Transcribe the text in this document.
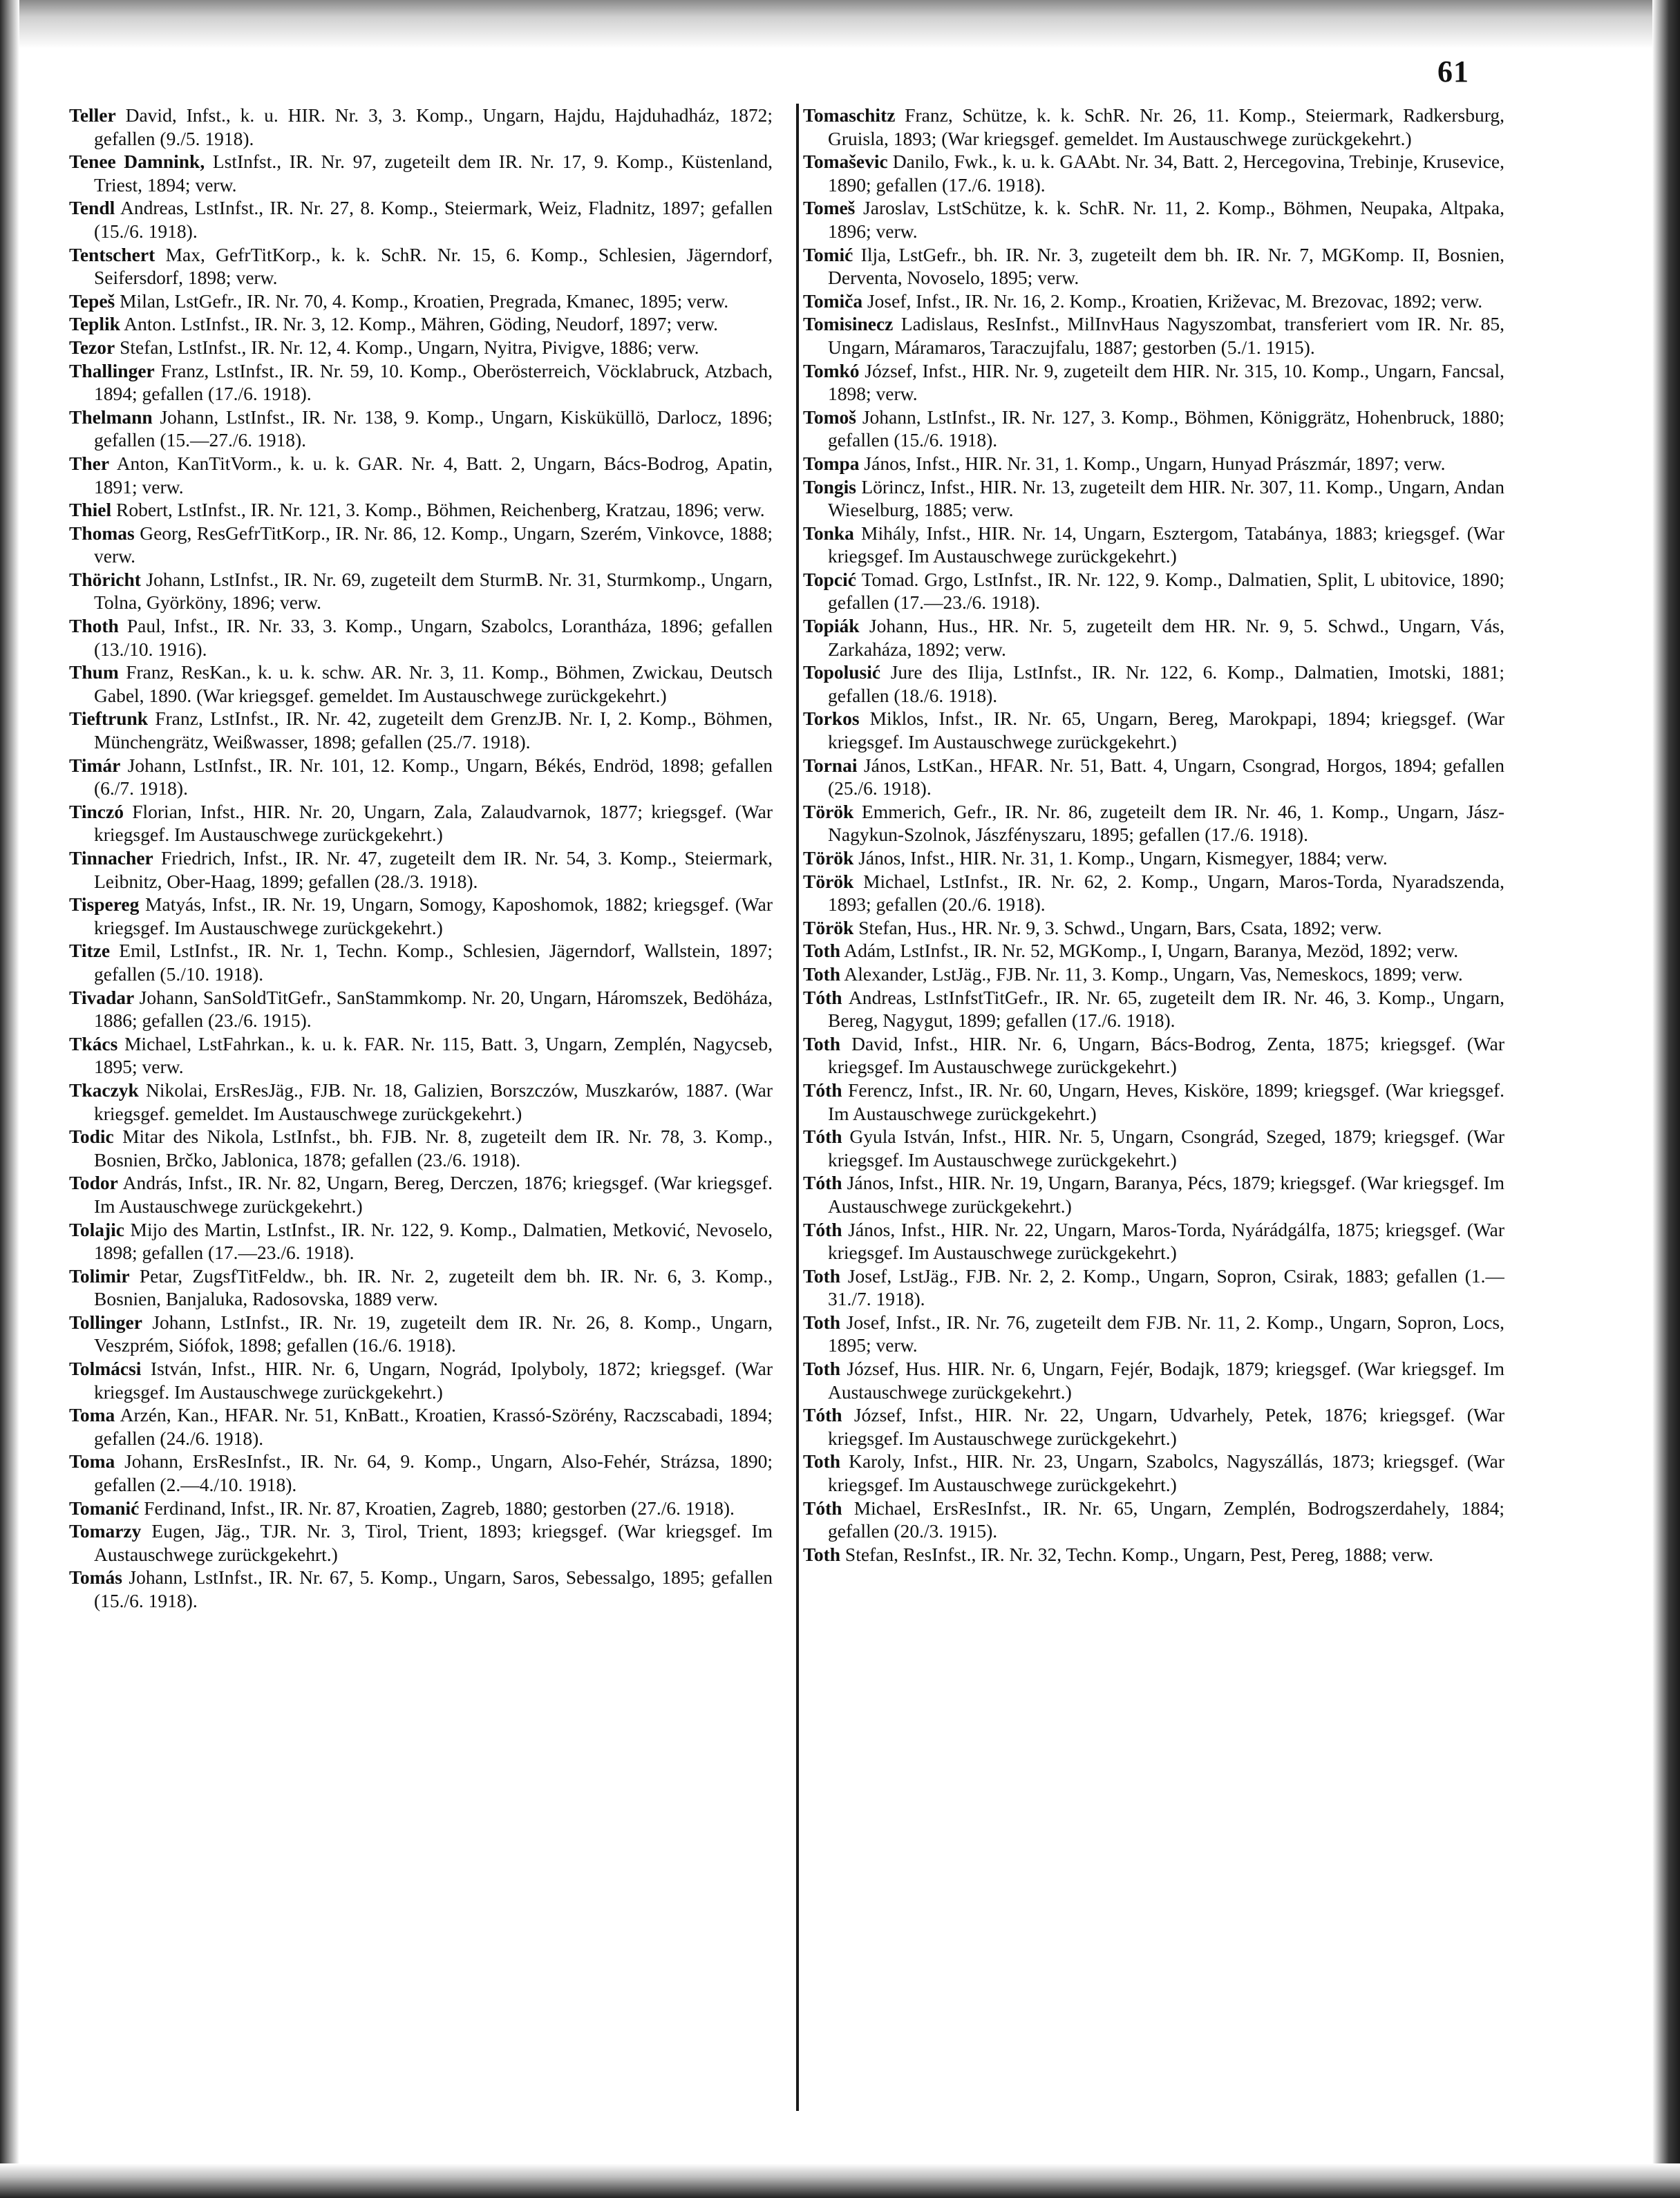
61

Teller David, Infst., k. u. HIR. Nr. 3, 3. Komp., Ungarn, Hajdu, Hajduhadház, 1872; gefallen (9./5. 1918).

Tenee Damnink, LstInfst., IR. Nr. 97, zugeteilt dem IR. Nr. 17, 9. Komp., Küstenland, Triest, 1894; verw.

Tendl Andreas, LstInfst., IR. Nr. 27, 8. Komp., Steiermark, Weiz, Fladnitz, 1897; gefallen (15./6. 1918).

Tentschert Max, GefrTitKorp., k. k. SchR. Nr. 15, 6. Komp., Schlesien, Jägerndorf, Seifersdorf, 1898; verw.

Tepeš Milan, LstGefr., IR. Nr. 70, 4. Komp., Kroatien, Pregrada, Kmanec, 1895; verw.

Teplik Anton. LstInfst., IR. Nr. 3, 12. Komp., Mähren, Göding, Neudorf, 1897; verw.

Tezor Stefan, LstInfst., IR. Nr. 12, 4. Komp., Ungarn, Nyitra, Pivigve, 1886; verw.

Thallinger Franz, LstInfst., IR. Nr. 59, 10. Komp., Oberösterreich, Vöcklabruck, Atzbach, 1894; gefallen (17./6. 1918).

Thelmann Johann, LstInfst., IR. Nr. 138, 9. Komp., Ungarn, Kisküküllö, Darlocz, 1896; gefallen (15.—27./6. 1918).

Ther Anton, KanTitVorm., k. u. k. GAR. Nr. 4, Batt. 2, Ungarn, Bács-Bodrog, Apatin, 1891; verw.

Thiel Robert, LstInfst., IR. Nr. 121, 3. Komp., Böhmen, Reichenberg, Kratzau, 1896; verw.

Thomas Georg, ResGefrTitKorp., IR. Nr. 86, 12. Komp., Ungarn, Szerém, Vinkovce, 1888; verw.

Thöricht Johann, LstInfst., IR. Nr. 69, zugeteilt dem SturmB. Nr. 31, Sturmkomp., Ungarn, Tolna, Györköny, 1896; verw.

Thoth Paul, Infst., IR. Nr. 33, 3. Komp., Ungarn, Szabolcs, Lorantháza, 1896; gefallen (13./10. 1916).

Thum Franz, ResKan., k. u. k. schw. AR. Nr. 3, 11. Komp., Böhmen, Zwickau, Deutsch Gabel, 1890. (War kriegsgef. gemeldet. Im Austauschwege zurückgekehrt.)

Tieftrunk Franz, LstInfst., IR. Nr. 42, zugeteilt dem GrenzJB. Nr. I, 2. Komp., Böhmen, Münchengrätz, Weißwasser, 1898; gefallen (25./7. 1918).

Timár Johann, LstInfst., IR. Nr. 101, 12. Komp., Ungarn, Békés, Endröd, 1898; gefallen (6./7. 1918).

Tinczó Florian, Infst., HIR. Nr. 20, Ungarn, Zala, Zalaudvarnok, 1877; kriegsgef. (War kriegsgef. Im Austauschwege zurückgekehrt.)

Tinnacher Friedrich, Infst., IR. Nr. 47, zugeteilt dem IR. Nr. 54, 3. Komp., Steiermark, Leibnitz, Ober-Haag, 1899; gefallen (28./3. 1918).

Tispereg Matyás, Infst., IR. Nr. 19, Ungarn, Somogy, Kaposhomok, 1882; kriegsgef. (War kriegsgef. Im Austauschwege zurückgekehrt.)

Titze Emil, LstInfst., IR. Nr. 1, Techn. Komp., Schlesien, Jägerndorf, Wallstein, 1897; gefallen (5./10. 1918).

Tivadar Johann, SanSoldTitGefr., SanStammkomp. Nr. 20, Ungarn, Háromszek, Bedöháza, 1886; gefallen (23./6. 1915).

Tkács Michael, LstFahrkan., k. u. k. FAR. Nr. 115, Batt. 3, Ungarn, Zemplén, Nagycseb, 1895; verw.

Tkaczyk Nikolai, ErsResJäg., FJB. Nr. 18, Galizien, Borszczów, Muszkarów, 1887. (War kriegsgef. gemeldet. Im Austauschwege zurückgekehrt.)

Todic Mitar des Nikola, LstInfst., bh. FJB. Nr. 8, zugeteilt dem IR. Nr. 78, 3. Komp., Bosnien, Brčko, Jablonica, 1878; gefallen (23./6. 1918).

Todor András, Infst., IR. Nr. 82, Ungarn, Bereg, Derczen, 1876; kriegsgef. (War kriegsgef. Im Austauschwege zurückgekehrt.)

Tolajic Mijo des Martin, LstInfst., IR. Nr. 122, 9. Komp., Dalmatien, Metković, Nevoselo, 1898; gefallen (17.—23./6. 1918).

Tolimir Petar, ZugsfTitFeldw., bh. IR. Nr. 2, zugeteilt dem bh. IR. Nr. 6, 3. Komp., Bosnien, Banjaluka, Radosovska, 1889 verw.

Tollinger Johann, LstInfst., IR. Nr. 19, zugeteilt dem IR. Nr. 26, 8. Komp., Ungarn, Veszprém, Siófok, 1898; gefallen (16./6. 1918).

Tolmácsi István, Infst., HIR. Nr. 6, Ungarn, Nográd, Ipolyboly, 1872; kriegsgef. (War kriegsgef. Im Austauschwege zurückgekehrt.)

Toma Arzén, Kan., HFAR. Nr. 51, KnBatt., Kroatien, Krassó-Szörény, Raczscabadi, 1894; gefallen (24./6. 1918).

Toma Johann, ErsResInfst., IR. Nr. 64, 9. Komp., Ungarn, Also-Fehér, Strázsa, 1890; gefallen (2.—4./10. 1918).

Tomanić Ferdinand, Infst., IR. Nr. 87, Kroatien, Zagreb, 1880; gestorben (27./6. 1918).

Tomarzy Eugen, Jäg., TJR. Nr. 3, Tirol, Trient, 1893; kriegsgef. (War kriegsgef. Im Austauschwege zurückgekehrt.)

Tomás Johann, LstInfst., IR. Nr. 67, 5. Komp., Ungarn, Saros, Sebessalgo, 1895; gefallen (15./6. 1918).

Tomaschitz Franz, Schütze, k. k. SchR. Nr. 26, 11. Komp., Steiermark, Radkersburg, Gruisla, 1893; (War kriegsgef. gemeldet. Im Austauschwege zurückgekehrt.)

Tomaševic Danilo, Fwk., k. u. k. GAAbt. Nr. 34, Batt. 2, Hercegovina, Trebinje, Krusevice, 1890; gefallen (17./6. 1918).

Tomeš Jaroslav, LstSchütze, k. k. SchR. Nr. 11, 2. Komp., Böhmen, Neupaka, Altpaka, 1896; verw.

Tomić Ilja, LstGefr., bh. IR. Nr. 3, zugeteilt dem bh. IR. Nr. 7, MGKomp. II, Bosnien, Derventa, Novoselo, 1895; verw.

Tomiča Josef, Infst., IR. Nr. 16, 2. Komp., Kroatien, Križevac, M. Brezovac, 1892; verw.

Tomisinecz Ladislaus, ResInfst., MilInvHaus Nagyszombat, transferiert vom IR. Nr. 85, Ungarn, Máramaros, Taraczujfalu, 1887; gestorben (5./1. 1915).

Tomkó József, Infst., HIR. Nr. 9, zugeteilt dem HIR. Nr. 315, 10. Komp., Ungarn, Fancsal, 1898; verw.

Tomoš Johann, LstInfst., IR. Nr. 127, 3. Komp., Böhmen, Königgrätz, Hohenbruck, 1880; gefallen (15./6. 1918).

Tompa János, Infst., HIR. Nr. 31, 1. Komp., Ungarn, Hunyad Prászmár, 1897; verw.

Tongis Lörincz, Infst., HIR. Nr. 13, zugeteilt dem HIR. Nr. 307, 11. Komp., Ungarn, Andan Wieselburg, 1885; verw.

Tonka Mihály, Infst., HIR. Nr. 14, Ungarn, Esztergom, Tatabánya, 1883; kriegsgef. (War kriegsgef. Im Austauschwege zurückgekehrt.)

Topcić Tomad. Grgo, LstInfst., IR. Nr. 122, 9. Komp., Dalmatien, Split, L ubitovice, 1890; gefallen (17.—23./6. 1918).

Topiák Johann, Hus., HR. Nr. 5, zugeteilt dem HR. Nr. 9, 5. Schwd., Ungarn, Vás, Zarkaháza, 1892; verw.

Topolusić Jure des Ilija, LstInfst., IR. Nr. 122, 6. Komp., Dalmatien, Imotski, 1881; gefallen (18./6. 1918).

Torkos Miklos, Infst., IR. Nr. 65, Ungarn, Bereg, Marokpapi, 1894; kriegsgef. (War kriegsgef. Im Austauschwege zurückgekehrt.)

Tornai János, LstKan., HFAR. Nr. 51, Batt. 4, Ungarn, Csongrad, Horgos, 1894; gefallen (25./6. 1918).

Török Emmerich, Gefr., IR. Nr. 86, zugeteilt dem IR. Nr. 46, 1. Komp., Ungarn, Jász-Nagykun-Szolnok, Jászfényszaru, 1895; gefallen (17./6. 1918).

Török János, Infst., HIR. Nr. 31, 1. Komp., Ungarn, Kismegyer, 1884; verw.

Török Michael, LstInfst., IR. Nr. 62, 2. Komp., Ungarn, Maros-Torda, Nyaradszenda, 1893; gefallen (20./6. 1918).

Török Stefan, Hus., HR. Nr. 9, 3. Schwd., Ungarn, Bars, Csata, 1892; verw.

Toth Adám, LstInfst., IR. Nr. 52, MGKomp., I, Ungarn, Baranya, Mezöd, 1892; verw.

Toth Alexander, LstJäg., FJB. Nr. 11, 3. Komp., Ungarn, Vas, Nemeskocs, 1899; verw.

Tóth Andreas, LstInfstTitGefr., IR. Nr. 65, zugeteilt dem IR. Nr. 46, 3. Komp., Ungarn, Bereg, Nagygut, 1899; gefallen (17./6. 1918).

Toth David, Infst., HIR. Nr. 6, Ungarn, Bács-Bodrog, Zenta, 1875; kriegsgef. (War kriegsgef. Im Austauschwege zurückgekehrt.)

Tóth Ferencz, Infst., IR. Nr. 60, Ungarn, Heves, Kisköre, 1899; kriegsgef. (War kriegsgef. Im Austauschwege zurückgekehrt.)

Tóth Gyula István, Infst., HIR. Nr. 5, Ungarn, Csongrád, Szeged, 1879; kriegsgef. (War kriegsgef. Im Austauschwege zurückgekehrt.)

Tóth János, Infst., HIR. Nr. 19, Ungarn, Baranya, Pécs, 1879; kriegsgef. (War kriegsgef. Im Austauschwege zurückgekehrt.)

Tóth János, Infst., HIR. Nr. 22, Ungarn, Maros-Torda, Nyárádgálfa, 1875; kriegsgef. (War kriegsgef. Im Austauschwege zurückgekehrt.)

Toth Josef, LstJäg., FJB. Nr. 2, 2. Komp., Ungarn, Sopron, Csirak, 1883; gefallen (1.—31./7. 1918).

Toth Josef, Infst., IR. Nr. 76, zugeteilt dem FJB. Nr. 11, 2. Komp., Ungarn, Sopron, Locs, 1895; verw.

Toth József, Hus. HIR. Nr. 6, Ungarn, Fejér, Bodajk, 1879; kriegsgef. (War kriegsgef. Im Austauschwege zurückgekehrt.)

Tóth József, Infst., HIR. Nr. 22, Ungarn, Udvarhely, Petek, 1876; kriegsgef. (War kriegsgef. Im Austauschwege zurückgekehrt.)

Toth Karoly, Infst., HIR. Nr. 23, Ungarn, Szabolcs, Nagyszállás, 1873; kriegsgef. (War kriegsgef. Im Austauschwege zurückgekehrt.)

Tóth Michael, ErsResInfst., IR. Nr. 65, Ungarn, Zemplén, Bodrogszerdahely, 1884; gefallen (20./3. 1915).

Toth Stefan, ResInfst., IR. Nr. 32, Techn. Komp., Ungarn, Pest, Pereg, 1888; verw.
